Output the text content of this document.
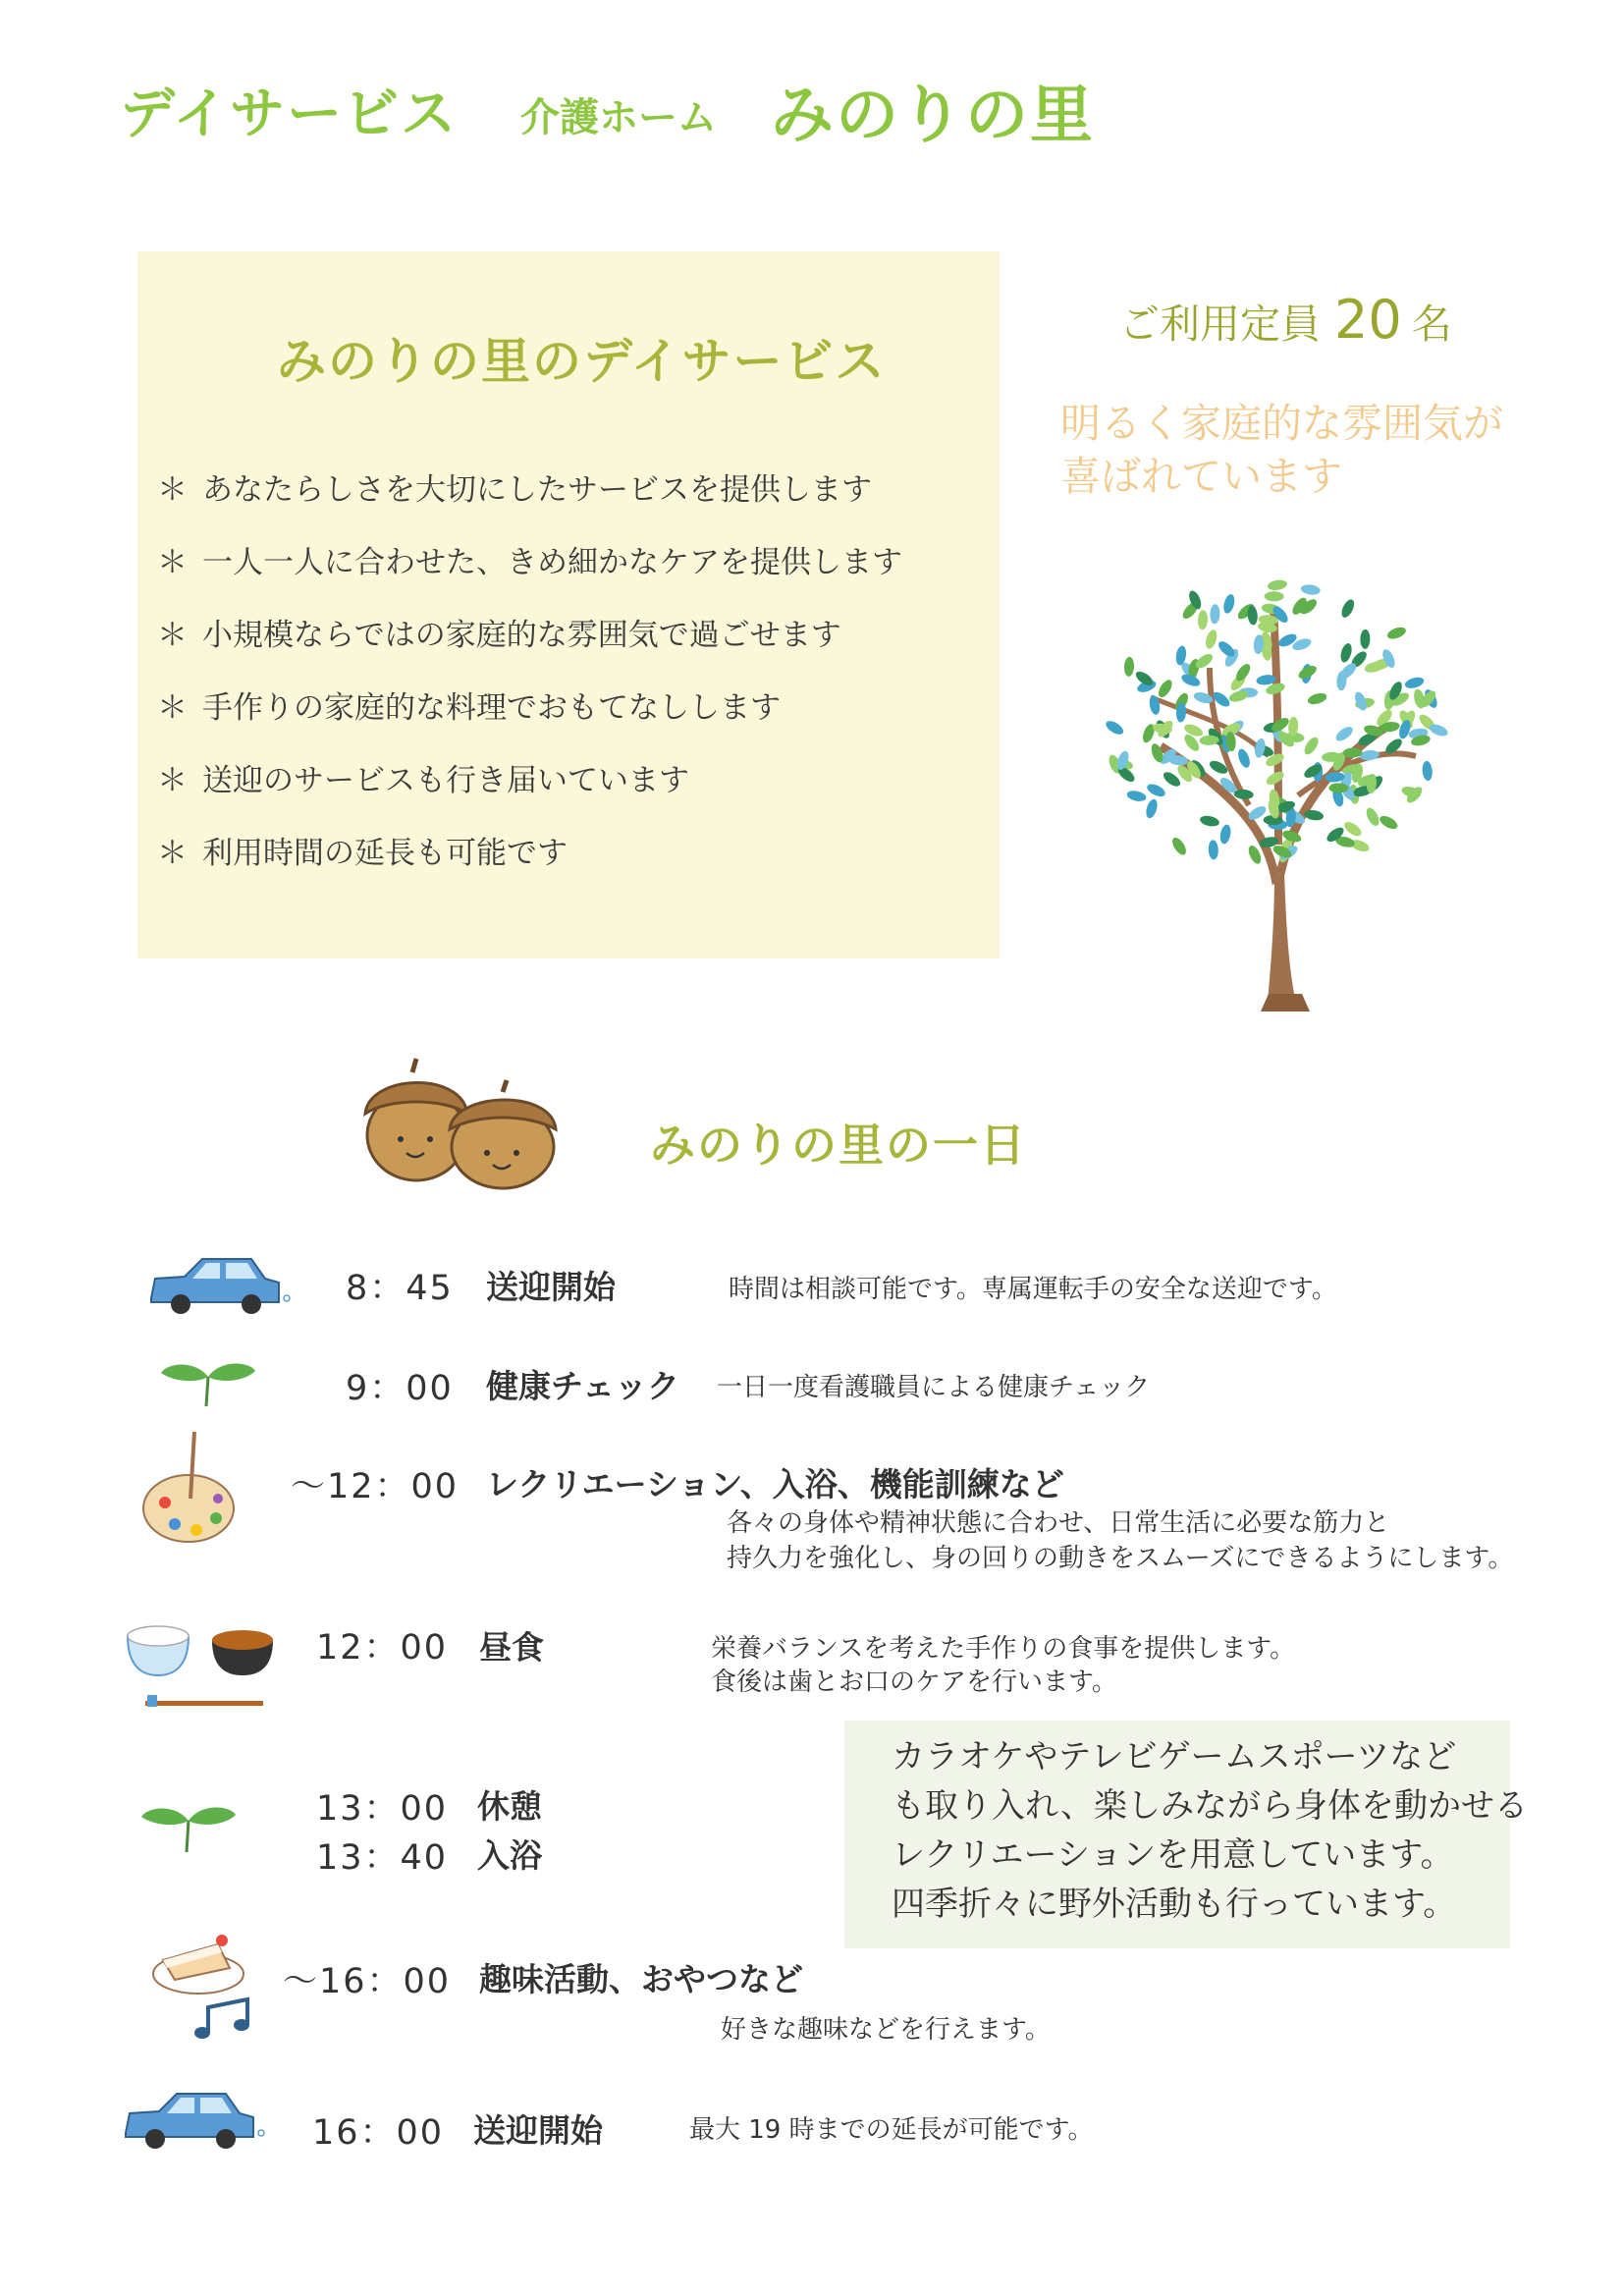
デイサービス 介護ホーム みのりの里
みのりの里のデイサービス
＊ あなたらしさを大切にしたサービスを提供します
＊ 一人一人に合わせた、きめ細かなケアを提供します
＊ 小規模ならではの家庭的な雰囲気で過ごせます
＊ 手作りの家庭的な料理でおもてなしします
＊ 送迎のサービスも行き届いています
＊ 利用時間の延長も可能です
ご利用定員 20 名
明るく家庭的な雰囲気が
喜ばれています
みのりの里の一日
8：45 送迎開始	時間は相談可能です。専属運転手の安全な送迎です。
9：00 健康チェック 一日一度看護職員による健康チェック
～12：00 レクリエーション、入浴、機能訓練など
各々の身体や精神状態に合わせ、日常生活に必要な筋力と
持久力を強化し、身の回りの動きをスムーズにできるようにします。
12：00 昼食	栄養バランスを考えた手作りの食事を提供します。
食後は歯とお口のケアを行います。
カラオケやテレビゲームスポーツなど
も取り入れ、楽しみながら身体を動かせる
レクリエーションを用意しています。
四季折々に野外活動も行っています。
13：00 休憩
13：40 入浴
～16：00 趣味活動、おやつなど
好きな趣味などを行えます。
16：00 送迎開始	最大 19 時までの延長が可能です。
